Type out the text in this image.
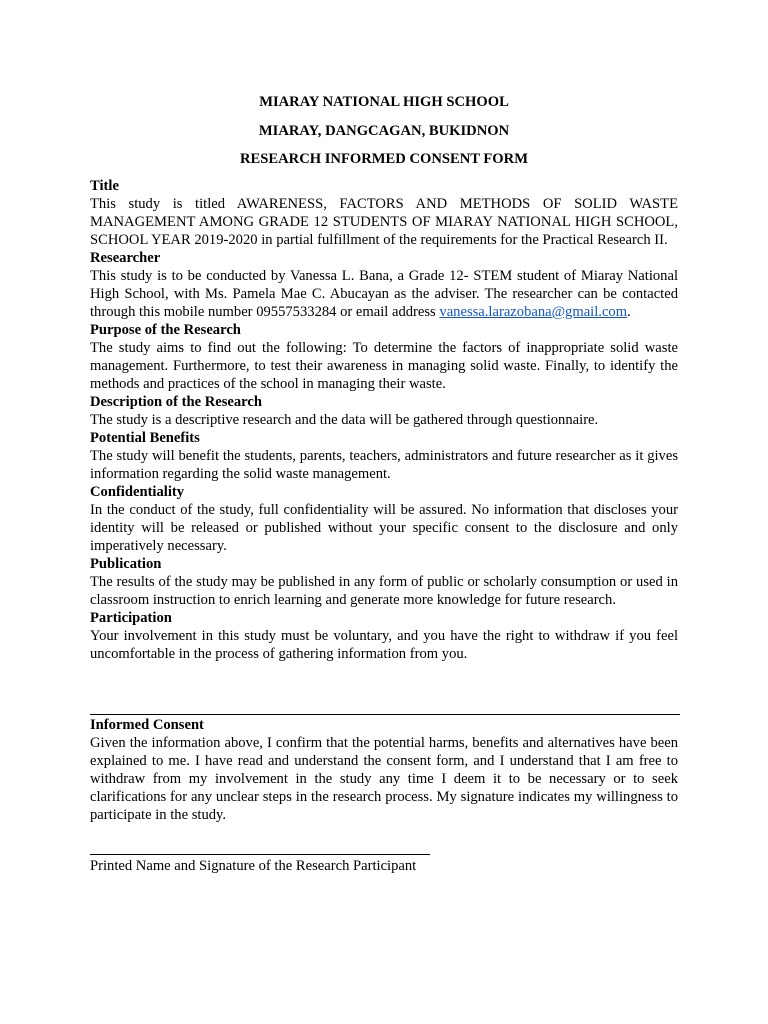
MIARAY NATIONAL HIGH SCHOOL

MIARAY, DANGCAGAN, BUKIDNON

RESEARCH INFORMED CONSENT FORM

Title

This study is titled AWARENESS, FACTORS AND METHODS OF SOLID WASTE MANAGEMENT AMONG GRADE 12 STUDENTS OF MIARAY NATIONAL HIGH SCHOOL, SCHOOL YEAR 2019-2020 in partial fulfillment of the requirements for the Practical Research II.

Researcher

This study is to be conducted by Vanessa L. Bana, a Grade 12- STEM student of Miaray National High School, with Ms. Pamela Mae C. Abucayan as the adviser. The researcher can be contacted through this mobile number 09557533284 or email address vanessa.larazobana@gmail.com.

Purpose of the Research

The study aims to find out the following: To determine the factors of inappropriate solid waste management. Furthermore, to test their awareness in managing solid waste. Finally, to identify the methods and practices of the school in managing their waste.

Description of the Research

The study is a descriptive research and the data will be gathered through questionnaire.

Potential Benefits

The study will benefit the students, parents, teachers, administrators and future researcher as it gives information regarding the solid waste management.

Confidentiality

In the conduct of the study, full confidentiality will be assured. No information that discloses your identity will be released or published without your specific consent to the disclosure and only imperatively necessary.

Publication

The results of the study may be published in any form of public or scholarly consumption or used in classroom instruction to enrich learning and generate more knowledge for future research.

Participation

Your involvement in this study must be voluntary, and you have the right to withdraw if you feel uncomfortable in the process of gathering information from you.

Informed Consent

Given the information above, I confirm that the potential harms, benefits and alternatives have been explained to me. I have read and understand the consent form, and I understand that I am free to withdraw from my involvement in the study any time I deem it to be necessary or to seek clarifications for any unclear steps in the research process. My signature indicates my willingness to participate in the study.

Printed Name and Signature of the Research Participant
